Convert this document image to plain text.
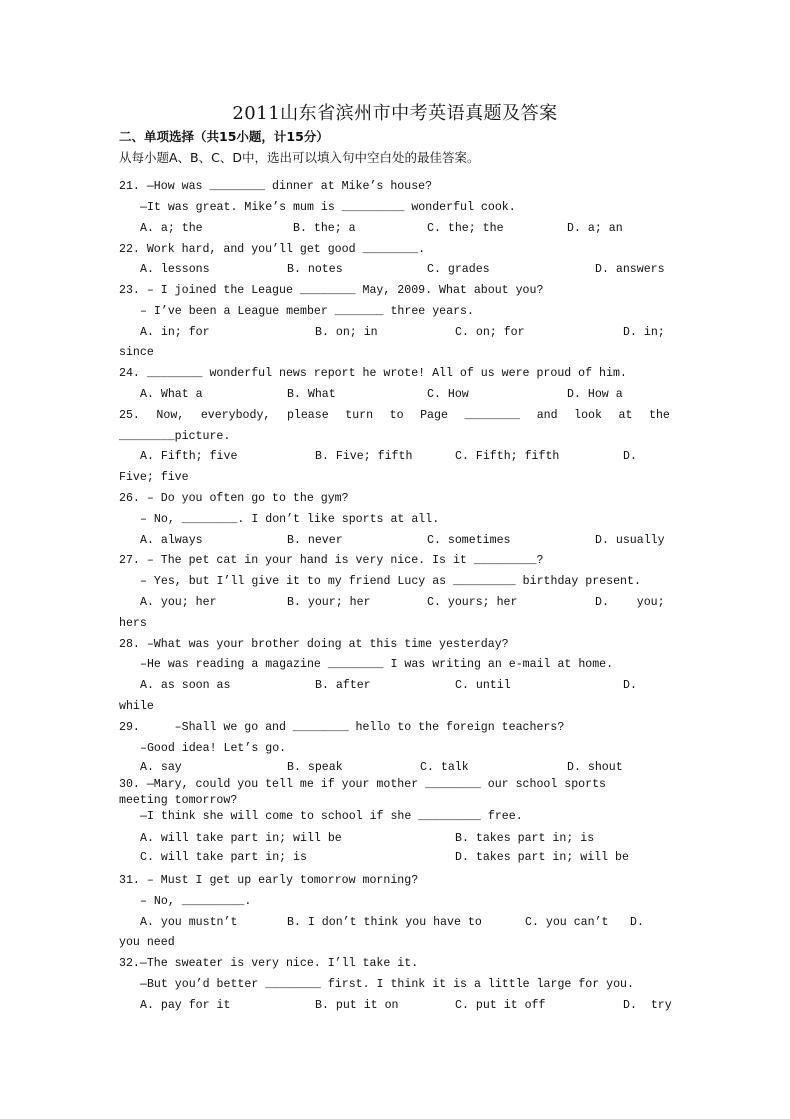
2011山东省滨州市中考英语真题及答案
二、单项选择（共15小题，计15分）
从每小题A、B、C、D中，选出可以填入句中空白处的最佳答案。
21. —How was ________ dinner at Mike’s house?
—It was great. Mike’s mum is _________ wonderful cook.
A. a; the	B. the; a	C. the; the	D. a; an
22. Work hard, and you’ll get good ________.
A. lessons	B. notes	C. grades	D. answers
23. – I joined the League ________ May, 2009. What about you?
– I’ve been a League member _______ three years.
A. in; for	B. on; in	C. on; for	D. in;
since
24. ________ wonderful news report he wrote! All of us were proud of him.
A. What a	B. What	C. How	D. How a
25. Now, everybody, please turn to Page ________ and look at the
________picture.
A. Fifth; five	B. Five; fifth	C. Fifth; fifth	D.
Five; five
26. – Do you often go to the gym?
– No, ________. I don’t like sports at all.
A. always	B. never	C. sometimes	D. usually
27. – The pet cat in your hand is very nice. Is it _________?
– Yes, but I’ll give it to my friend Lucy as _________ birthday present.
A. you; her	B. your; her	C. yours; her	D.    you;
hers
28. –What was your brother doing at this time yesterday?
–He was reading a magazine ________ I was writing an e-mail at home.
A. as soon as	B. after	C. until	D.
while
29.     –Shall we go and ________ hello to the foreign teachers?
–Good idea! Let’s go.
A. say	B. speak	C. talk	D. shout
30. —Mary, could you tell me if your mother ________ our school sports
meeting tomorrow?
—I think she will come to school if she _________ free.
A. will take part in; will be	B. takes part in; is
C. will take part in; is	D. takes part in; will be
31. – Must I get up early tomorrow morning?
– No, _________.
A. you mustn’t	B. I don’t think you have to	C. you can’t D.
you need
32.—The sweater is very nice. I’ll take it.
—But you’d better ________ first. I think it is a little large for you.
A. pay for it	B. put it on	C. put it off	D.  try
